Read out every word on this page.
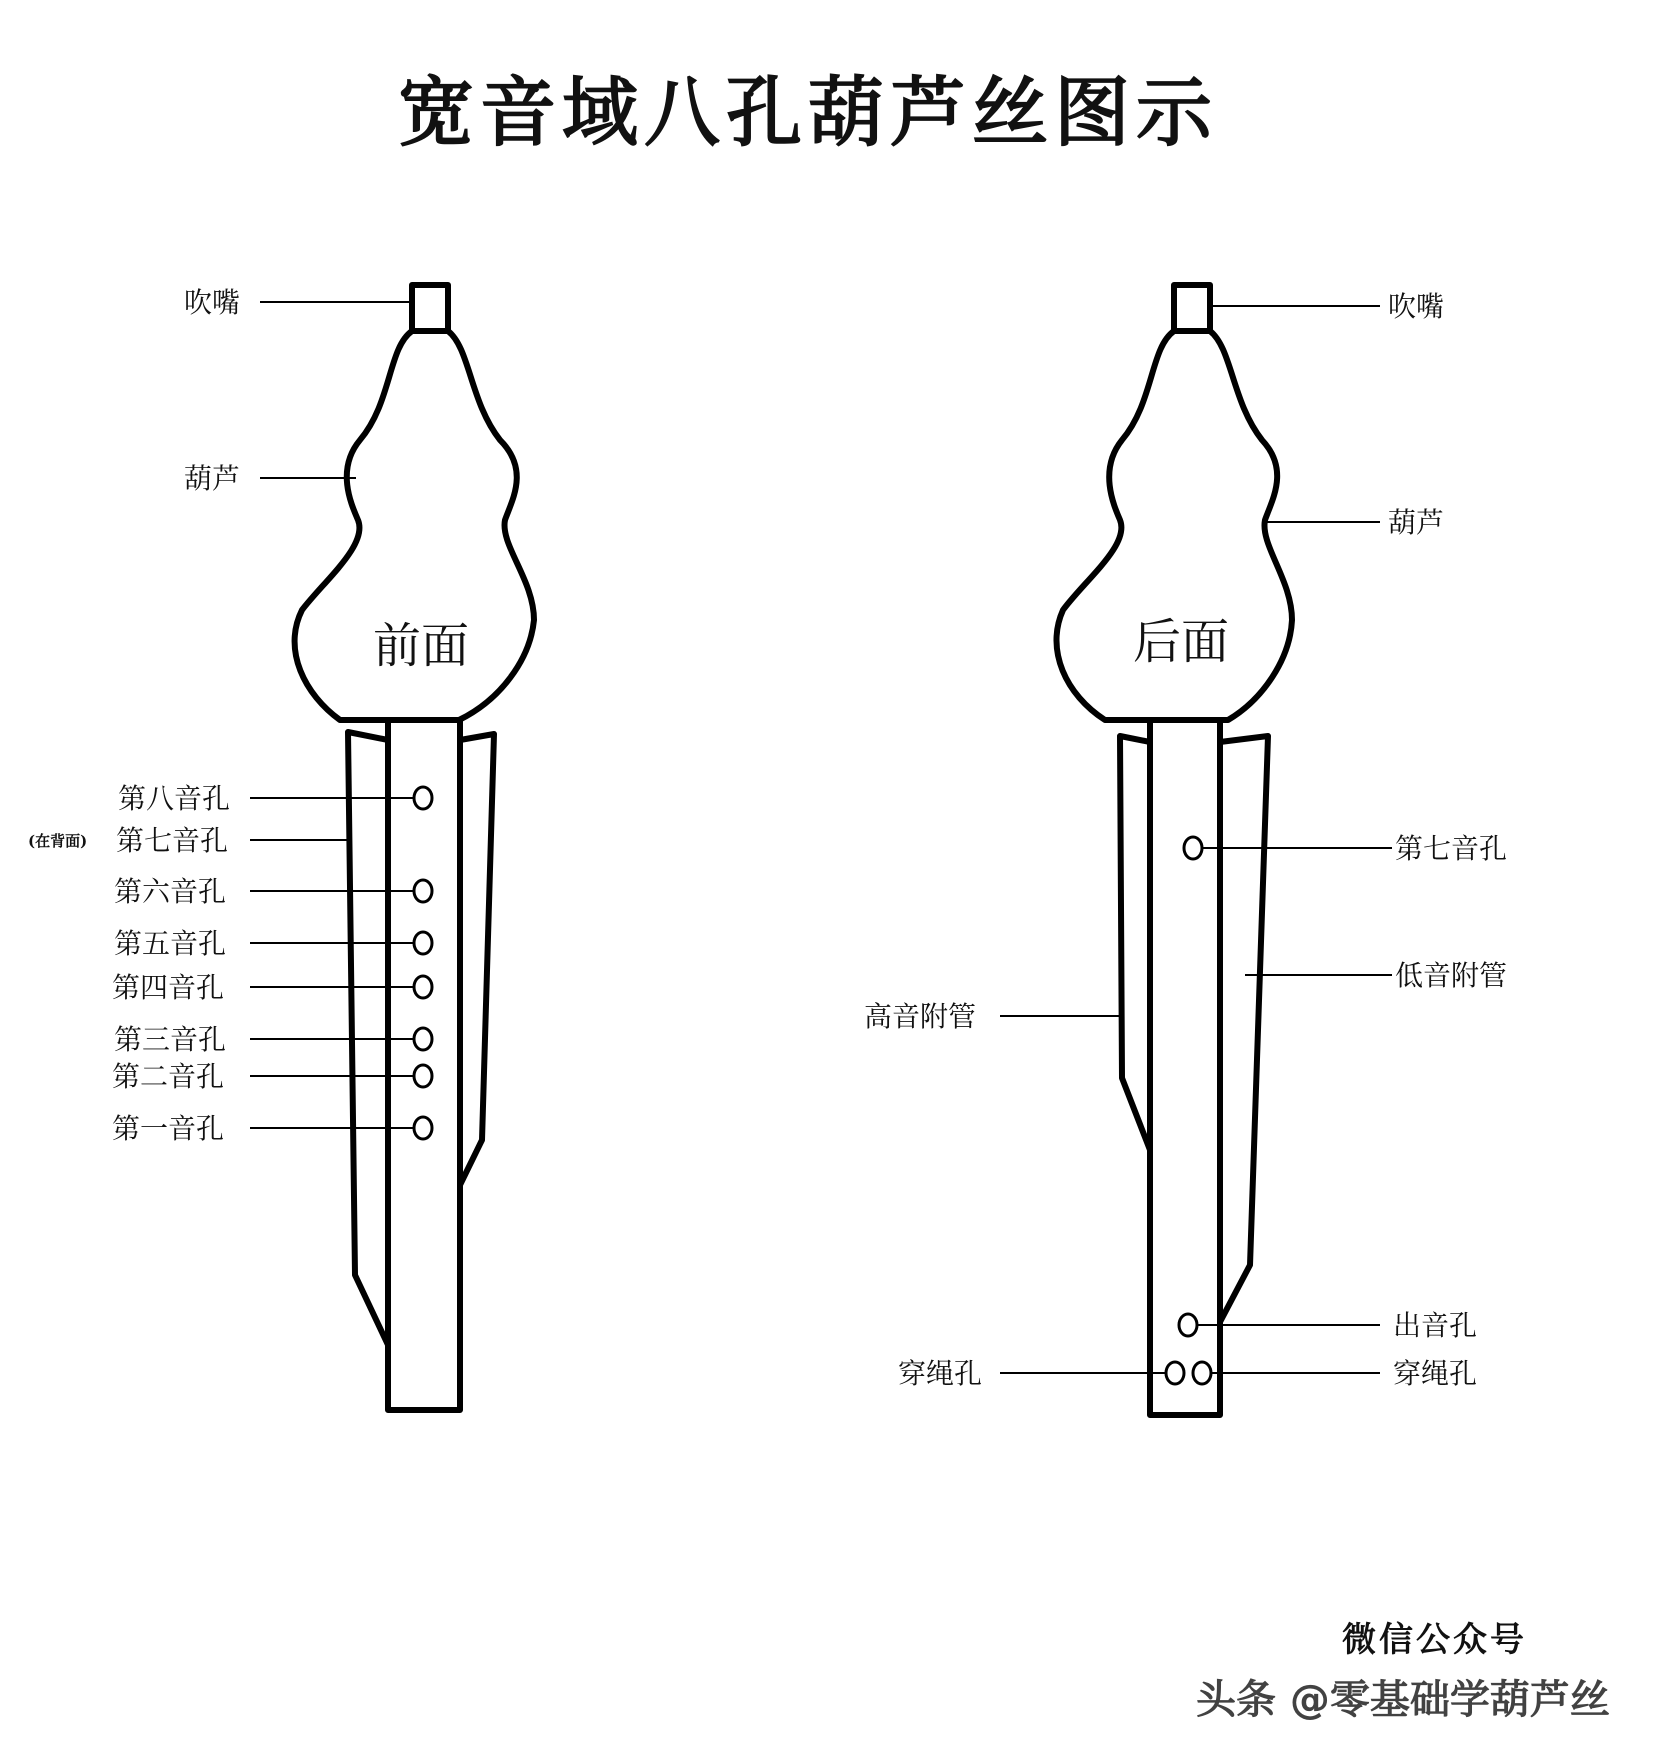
宽音域八孔葫芦丝图示
吹嘴
葫芦
前面
第八音孔
(在背面) 第七音孔
第六音孔
第五音孔
第四音孔
第三音孔
第二音孔
第一音孔
吹嘴
葫芦
后面
第七音孔
低音附管
高音附管
出音孔
穿绳孔	穿绳孔
微信公众号
头条 @零基础学葫芦丝
